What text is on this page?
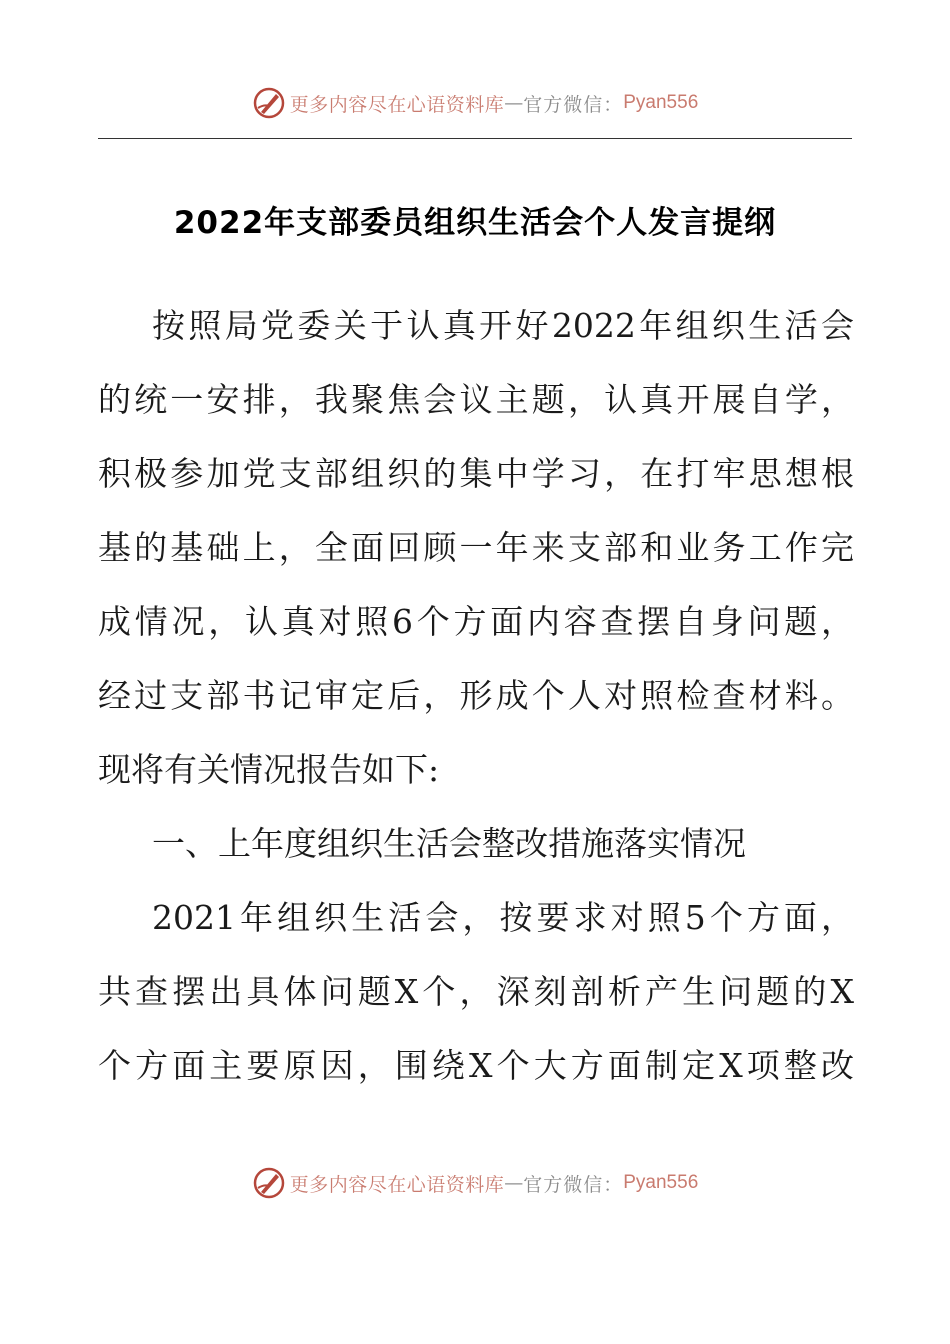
更多内容尽在心语资料库 — 官方微信： Pyan556
2022年支部委员组织生活会个人发言提纲
按照局党委关于认真开好2022年组织生活会
的统一安排，我聚焦会议主题，认真开展自学，
积极参加党支部组织的集中学习，在打牢思想根
基的基础上，全面回顾一年来支部和业务工作完
成情况，认真对照6个方面内容查摆自身问题，
经过支部书记审定后，形成个人对照检查材料。
现将有关情况报告如下:
一、上年度组织生活会整改措施落实情况
2021年组织生活会，按要求对照5个方面，
共查摆出具体问题X个，深刻剖析产生问题的X
个方面主要原因，围绕X个大方面制定X项整改
更多内容尽在心语资料库 — 官方微信： Pyan556
